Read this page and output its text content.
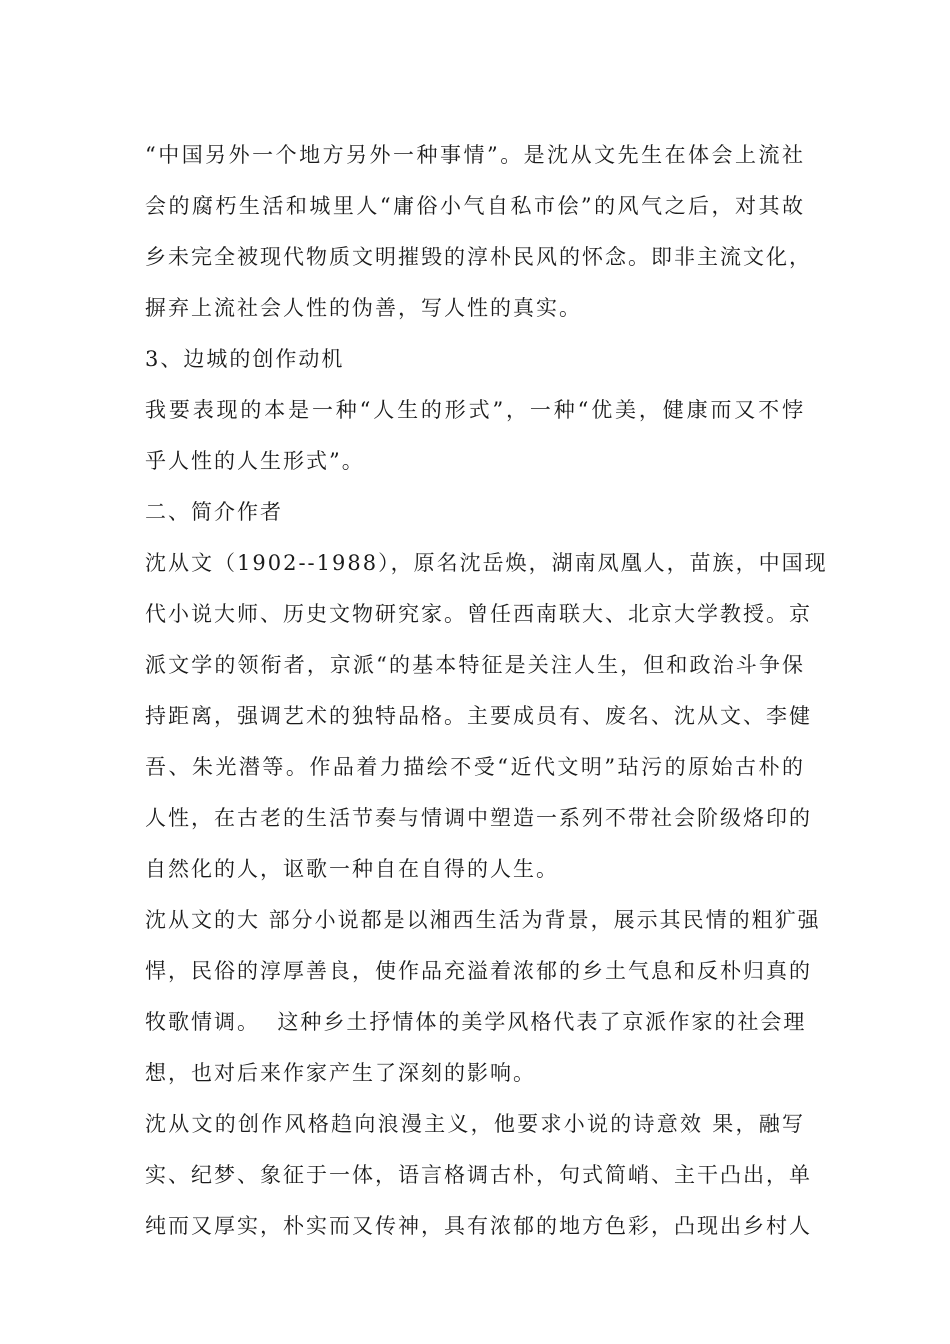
“中国另外一个地方另外一种事情”。是沈从文先生在体会上流社
会的腐朽生活和城里人“庸俗小气自私市侩”的风气之后，对其故
乡未完全被现代物质文明摧毁的淳朴民风的怀念。即非主流文化，
摒弃上流社会人性的伪善，写人性的真实。
3、边城的创作动机
我要表现的本是一种“人生的形式”，一种“优美，健康而又不悖
乎人性的人生形式”。
二、简介作者
沈从文（1902--1988），原名沈岳焕，湖南凤凰人，苗族，中国现
代小说大师、历史文物研究家。曾任西南联大、北京大学教授。京
派文学的领衔者，京派“的基本特征是关注人生，但和政治斗争保
持距离，强调艺术的独特品格。主要成员有、废名、沈从文、李健
吾、朱光潜等。作品着力描绘不受“近代文明”玷污的原始古朴的
人性，在古老的生活节奏与情调中塑造一系列不带社会阶级烙印的
自然化的人，讴歌一种自在自得的人生。
沈从文的大 部分小说都是以湘西生活为背景，展示其民情的粗犷强
悍，民俗的淳厚善良，使作品充溢着浓郁的乡土气息和反朴归真的
牧歌情调。  这种乡土抒情体的美学风格代表了京派作家的社会理
想，也对后来作家产生了深刻的影响。
沈从文的创作风格趋向浪漫主义，他要求小说的诗意效 果，融写
实、纪梦、象征于一体，语言格调古朴，句式简峭、主干凸出，单
纯而又厚实，朴实而又传神，具有浓郁的地方色彩，凸现出乡村人
